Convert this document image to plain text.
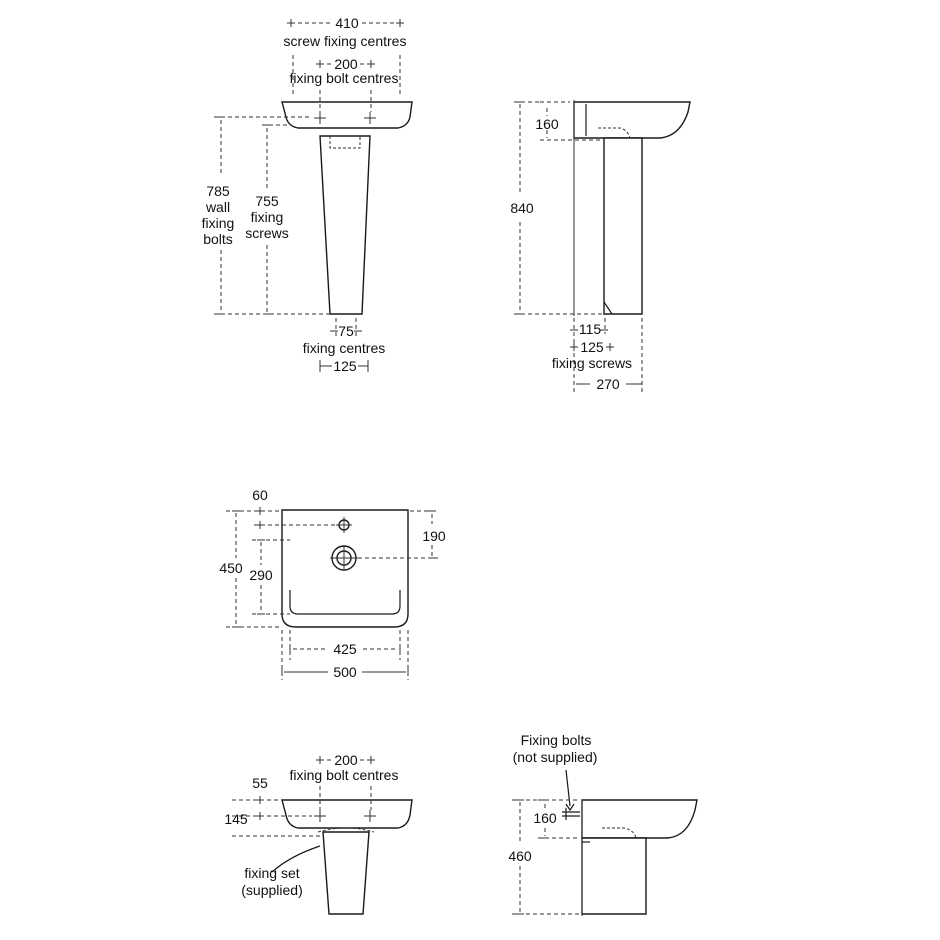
410
screw fixing centres
200
fixing bolt centres
785
wall
fixing
bolts
755
fixing
screws
75
fixing centres
125
160
840
115
125
fixing screws
270
60
190
450 290
425
500
200
fixing bolt centres
55
145
fixing set
(supplied)
Fixing bolts
(not supplied)
160
460
